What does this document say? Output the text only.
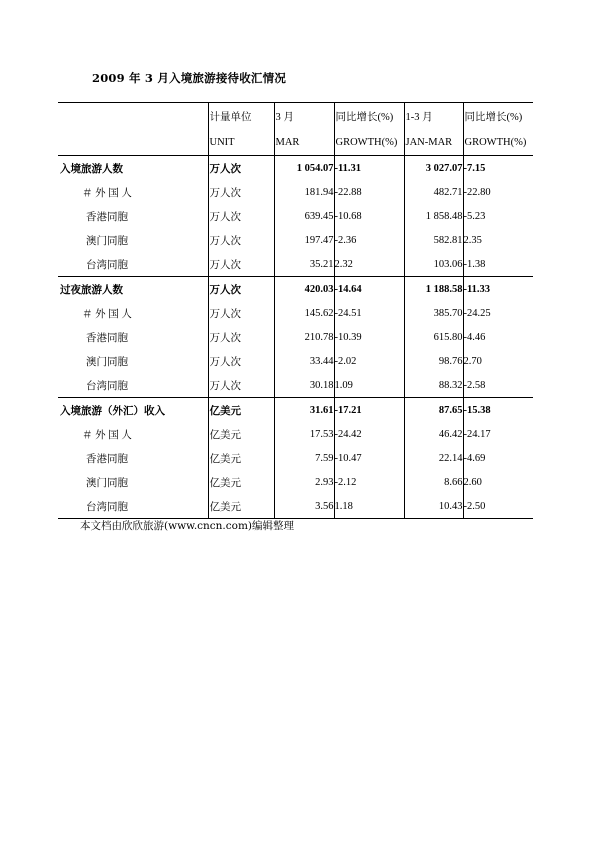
2009 年 3 月入境旅游接待收汇情况
	计量单位	3 月	同比增长(%)	1-3 月	同比增长(%)
	UNIT	MAR	GROWTH(%)	JAN-MAR	GROWTH(%)
入境旅游人数	万人次	1 054.07	-11.31	3 027.07	-7.15
＃ 外 国 人	万人次	181.94	-22.88	482.71	-22.80
香港同胞	万人次	639.45	-10.68	1 858.48	-5.23
澳门同胞	万人次	197.47	-2.36	582.81	2.35
台湾同胞	万人次	35.21	2.32	103.06	-1.38
过夜旅游人数	万人次	420.03	-14.64	1 188.58	-11.33
＃ 外 国 人	万人次	145.62	-24.51	385.70	-24.25
香港同胞	万人次	210.78	-10.39	615.80	-4.46
澳门同胞	万人次	33.44	-2.02	98.76	2.70
台湾同胞	万人次	30.18	1.09	88.32	-2.58
入境旅游（外汇）收入	亿美元	31.61	-17.21	87.65	-15.38
＃ 外 国 人	亿美元	17.53	-24.42	46.42	-24.17
香港同胞	亿美元	7.59	-10.47	22.14	-4.69
澳门同胞	亿美元	2.93	-2.12	8.66	2.60
台湾同胞	亿美元	3.56	1.18	10.43	-2.50
本文档由欣欣旅游(www.cncn.com)编辑整理
